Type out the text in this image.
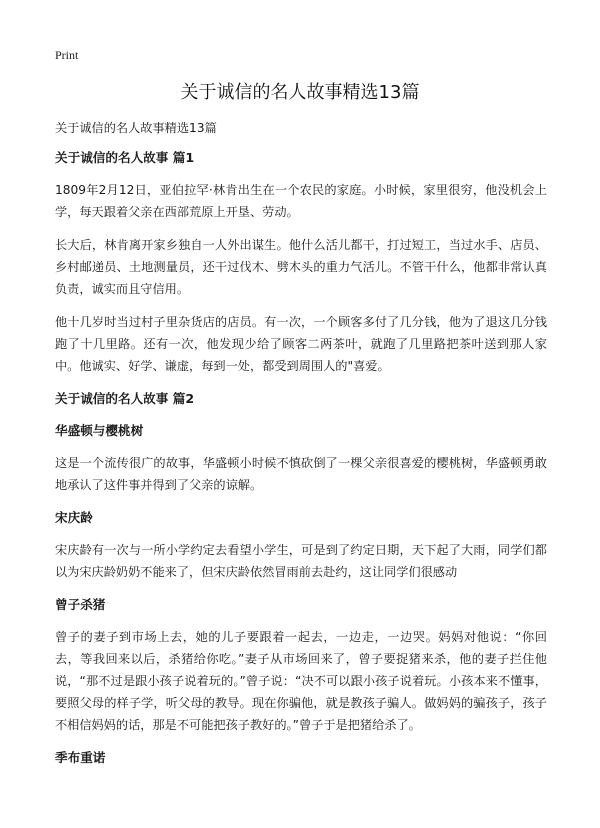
Print
关于诚信的名人故事精选13篇

关于诚信的名人故事精选13篇

关于诚信的名人故事 篇1

1809年2月12日，亚伯拉罕·林肯出生在一个农民的家庭。小时候，家里很穷，他没机会上学，每天跟着父亲在西部荒原上开垦、劳动。

长大后，林肯离开家乡独自一人外出谋生。他什么活儿都干，打过短工，当过水手、店员、乡村邮递员、土地测量员，还干过伐木、劈木头的重力气活儿。不管干什么，他都非常认真负责，诚实而且守信用。

他十几岁时当过村子里杂货店的店员。有一次，一个顾客多付了几分钱，他为了退这几分钱跑了十几里路。还有一次，他发现少给了顾客二两茶叶，就跑了几里路把茶叶送到那人家中。他诚实、好学、谦虚，每到一处，都受到周围人的"喜爱。

关于诚信的名人故事 篇2

华盛顿与樱桃树

这是一个流传很广的故事，华盛顿小时候不慎砍倒了一棵父亲很喜爱的樱桃树，华盛顿勇敢地承认了这件事并得到了父亲的谅解。

宋庆龄

宋庆龄有一次与一所小学约定去看望小学生，可是到了约定日期，天下起了大雨，同学们都以为宋庆龄奶奶不能来了，但宋庆龄依然冒雨前去赴约，这让同学们很感动

曾子杀猪

曾子的妻子到市场上去，她的儿子要跟着一起去，一边走，一边哭。妈妈对他说：“你回去，等我回来以后，杀猪给你吃。”妻子从市场回来了，曾子要捉猪来杀，他的妻子拦住他说，“那不过是跟小孩子说着玩的。”曾子说：“决不可以跟小孩子说着玩。小孩本来不懂事，要照父母的样子学，听父母的教导。现在你骗他，就是教孩子骗人。做妈妈的骗孩子，孩子不相信妈妈的话，那是不可能把孩子教好的。”曾子于是把猪给杀了。

季布重诺
